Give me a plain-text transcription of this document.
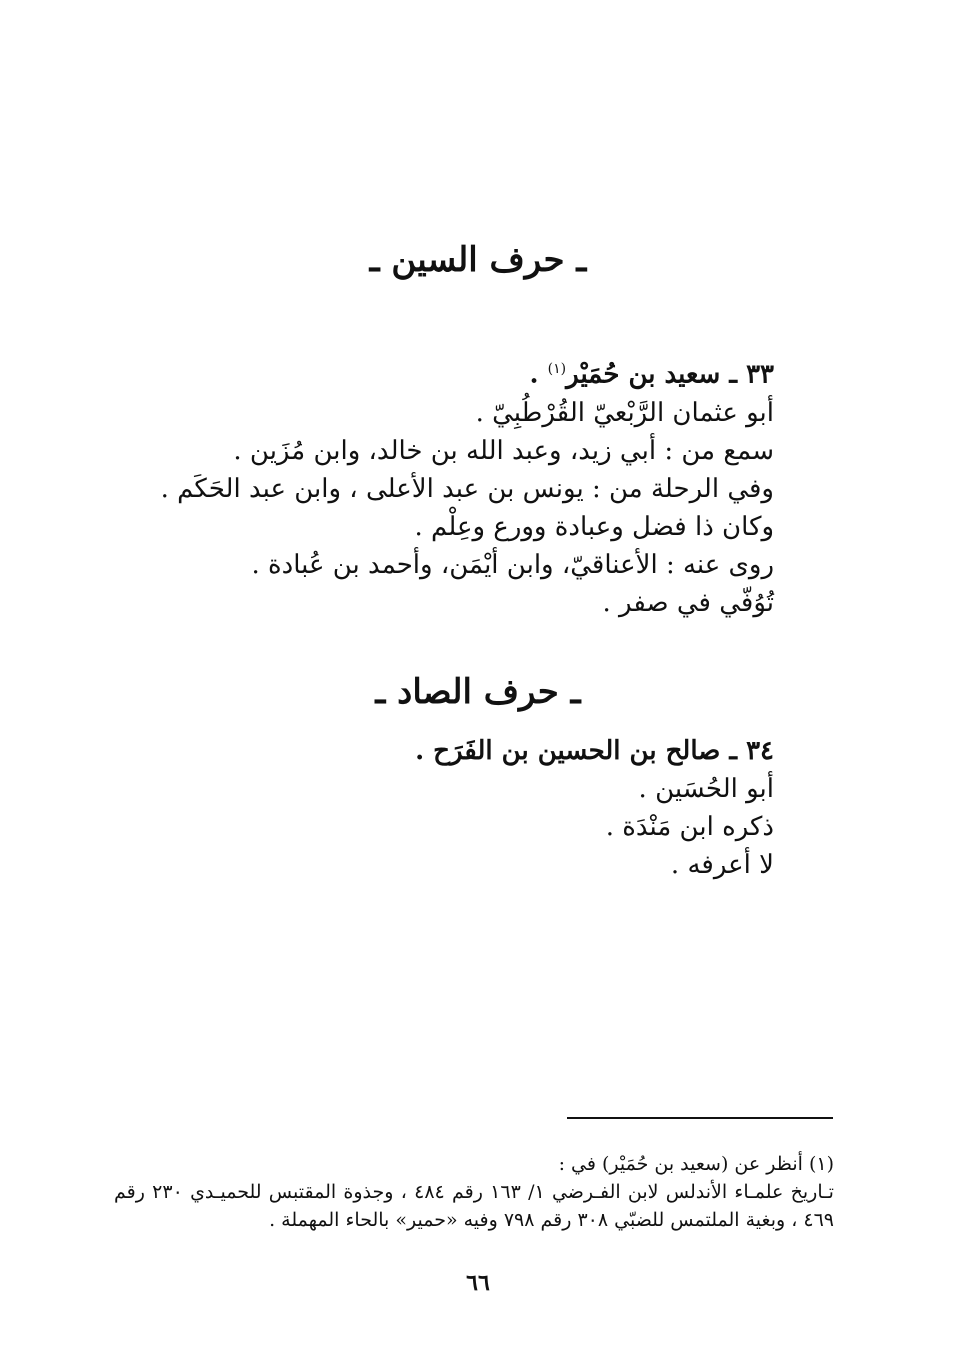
ـ حرف السين ـ
٣٣ ـ سعيد بن حُمَيْر$^{(١)}$ .
أبو عثمان الرَّبْعيّ القُرْطُبِيّ .
سمع من : أبي زيد، وعبد الله بن خالد، وابن مُزَين .
وفي الرحلة من : يونس بن عبد الأعلى ، وابن عبد الحَكَم .
وكان ذا فضل وعبادة وورع وعِلْم .
روى عنه : الأعناقيّ، وابن أيْمَن، وأحمد بن عُبادة .
تُوُفّي في صفر .
ـ حرف الصاد ـ
٣٤ ـ صالح بن الحسين بن الفَرَح .
أبو الحُسَين .
ذكره ابن مَنْدَة .
لا أعرفه .
(١) أنظر عن (سعيد بن حُمَيْر) في :
تـاريخ علمـاء الأندلس لابن الفـرضي ١/ ١٦٣ رقم ٤٨٤ ، وجذوة المقتبس للحميـدي ٢٣٠ رقم
٤٦٩ ، وبغية الملتمس للضبّي ٣٠٨ رقم ٧٩٨ وفيه «حمير» بالحاء المهملة .
٦٦
